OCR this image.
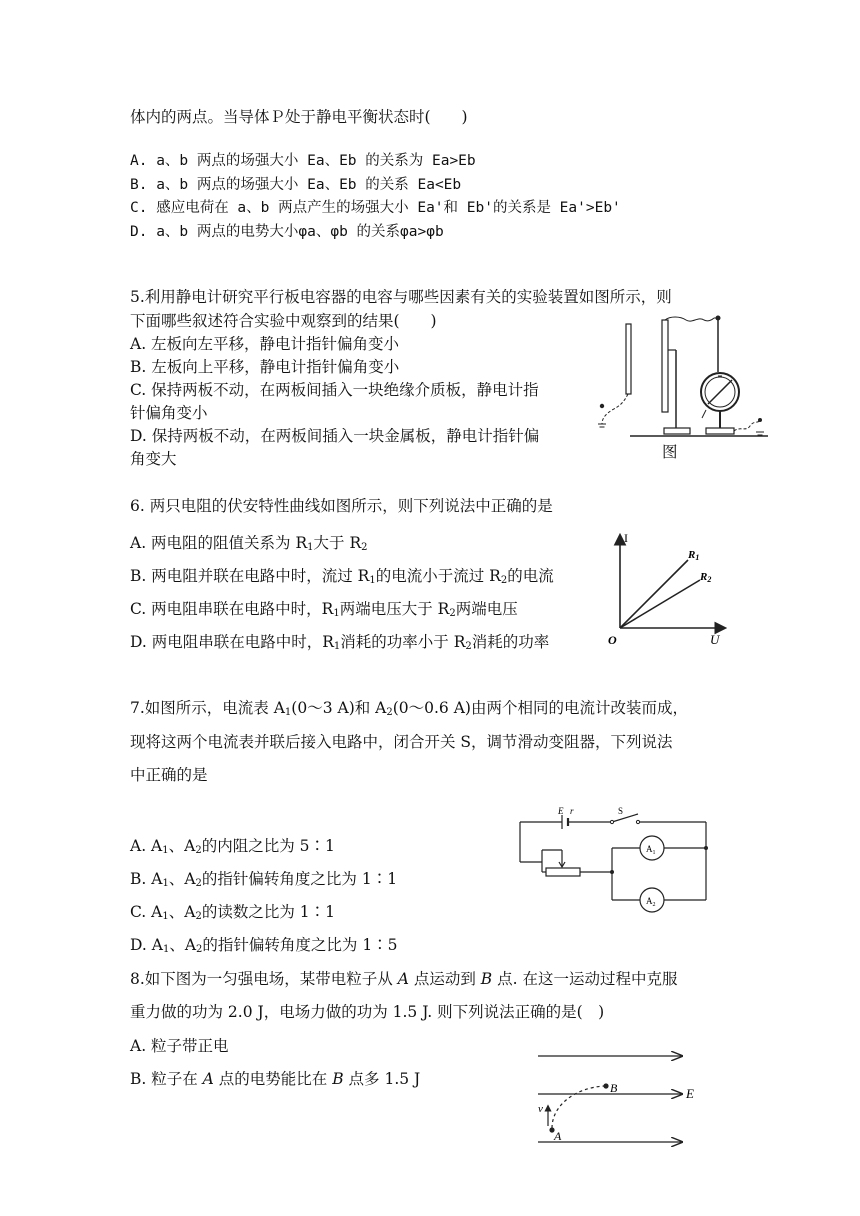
体内的两点。当导体Ｐ处于静电平衡状态时(　　)
A. a、b 两点的场强大小 Ea、Eb 的关系为 Ea>Eb
B. a、b 两点的场强大小 Ea、Eb 的关系 Ea<Eb
C. 感应电荷在 a、b 两点产生的场强大小 Ea'和 Eb'的关系是 Ea'>Eb'
D. a、b 两点的电势大小φa、φb 的关系φa>φb
5.利用静电计研究平行板电容器的电容与哪些因素有关的实验装置如图所示，则
下面哪些叙述符合实验中观察到的结果(　　)
A. 左板向左平移，静电计指针偏角变小
B. 左板向上平移，静电计指针偏角变小
C. 保持两板不动，在两板间插入一块绝缘介质板，静电计指
针偏角变小
D. 保持两板不动，在两板间插入一块金属板，静电计指针偏
角变大	图
6. 两只电阻的伏安特性曲线如图所示，则下列说法中正确的是
A. 两电阻的阻值关系为 $R_1$大于 $R_2$
B. 两电阻并联在电路中时，流过 $R_1$的电流小于流过 $R_2$的电流
C. 两电阻串联在电路中时，$R_1$两端电压大于 $R_2$两端电压
D. 两电阻串联在电路中时，$R_1$消耗的功率小于 $R_2$消耗的功率
I
U
O
R1
R2
7.如图所示，电流表 $A_1(0\sim 3$ A)和 $A_2(0\sim 0.6$ A)由两个相同的电流计改装而成，
现将这两个电流表并联后接入电路中，闭合开关 S，调节滑动变阻器，下列说法
中正确的是
A. $A_1$、$A_2$的内阻之比为 5∶1
B. $A_1$、$A_2$的指针偏转角度之比为 1∶1
C. $A_1$、$A_2$的读数之比为 1∶1
D. $A_1$、$A_2$的指针偏转角度之比为 1∶5
E r	S
$A_1$
$A_2$
8.如下图为一匀强电场，某带电粒子从 A 点运动到 B 点. 在这一运动过程中克服
重力做的功为 2.0 J，电场力做的功为 1.5 J. 则下列说法正确的是(　)
A. 粒子带正电
B. 粒子在 A 点的电势能比在 B 点多 1.5 J
E
A
B
v
